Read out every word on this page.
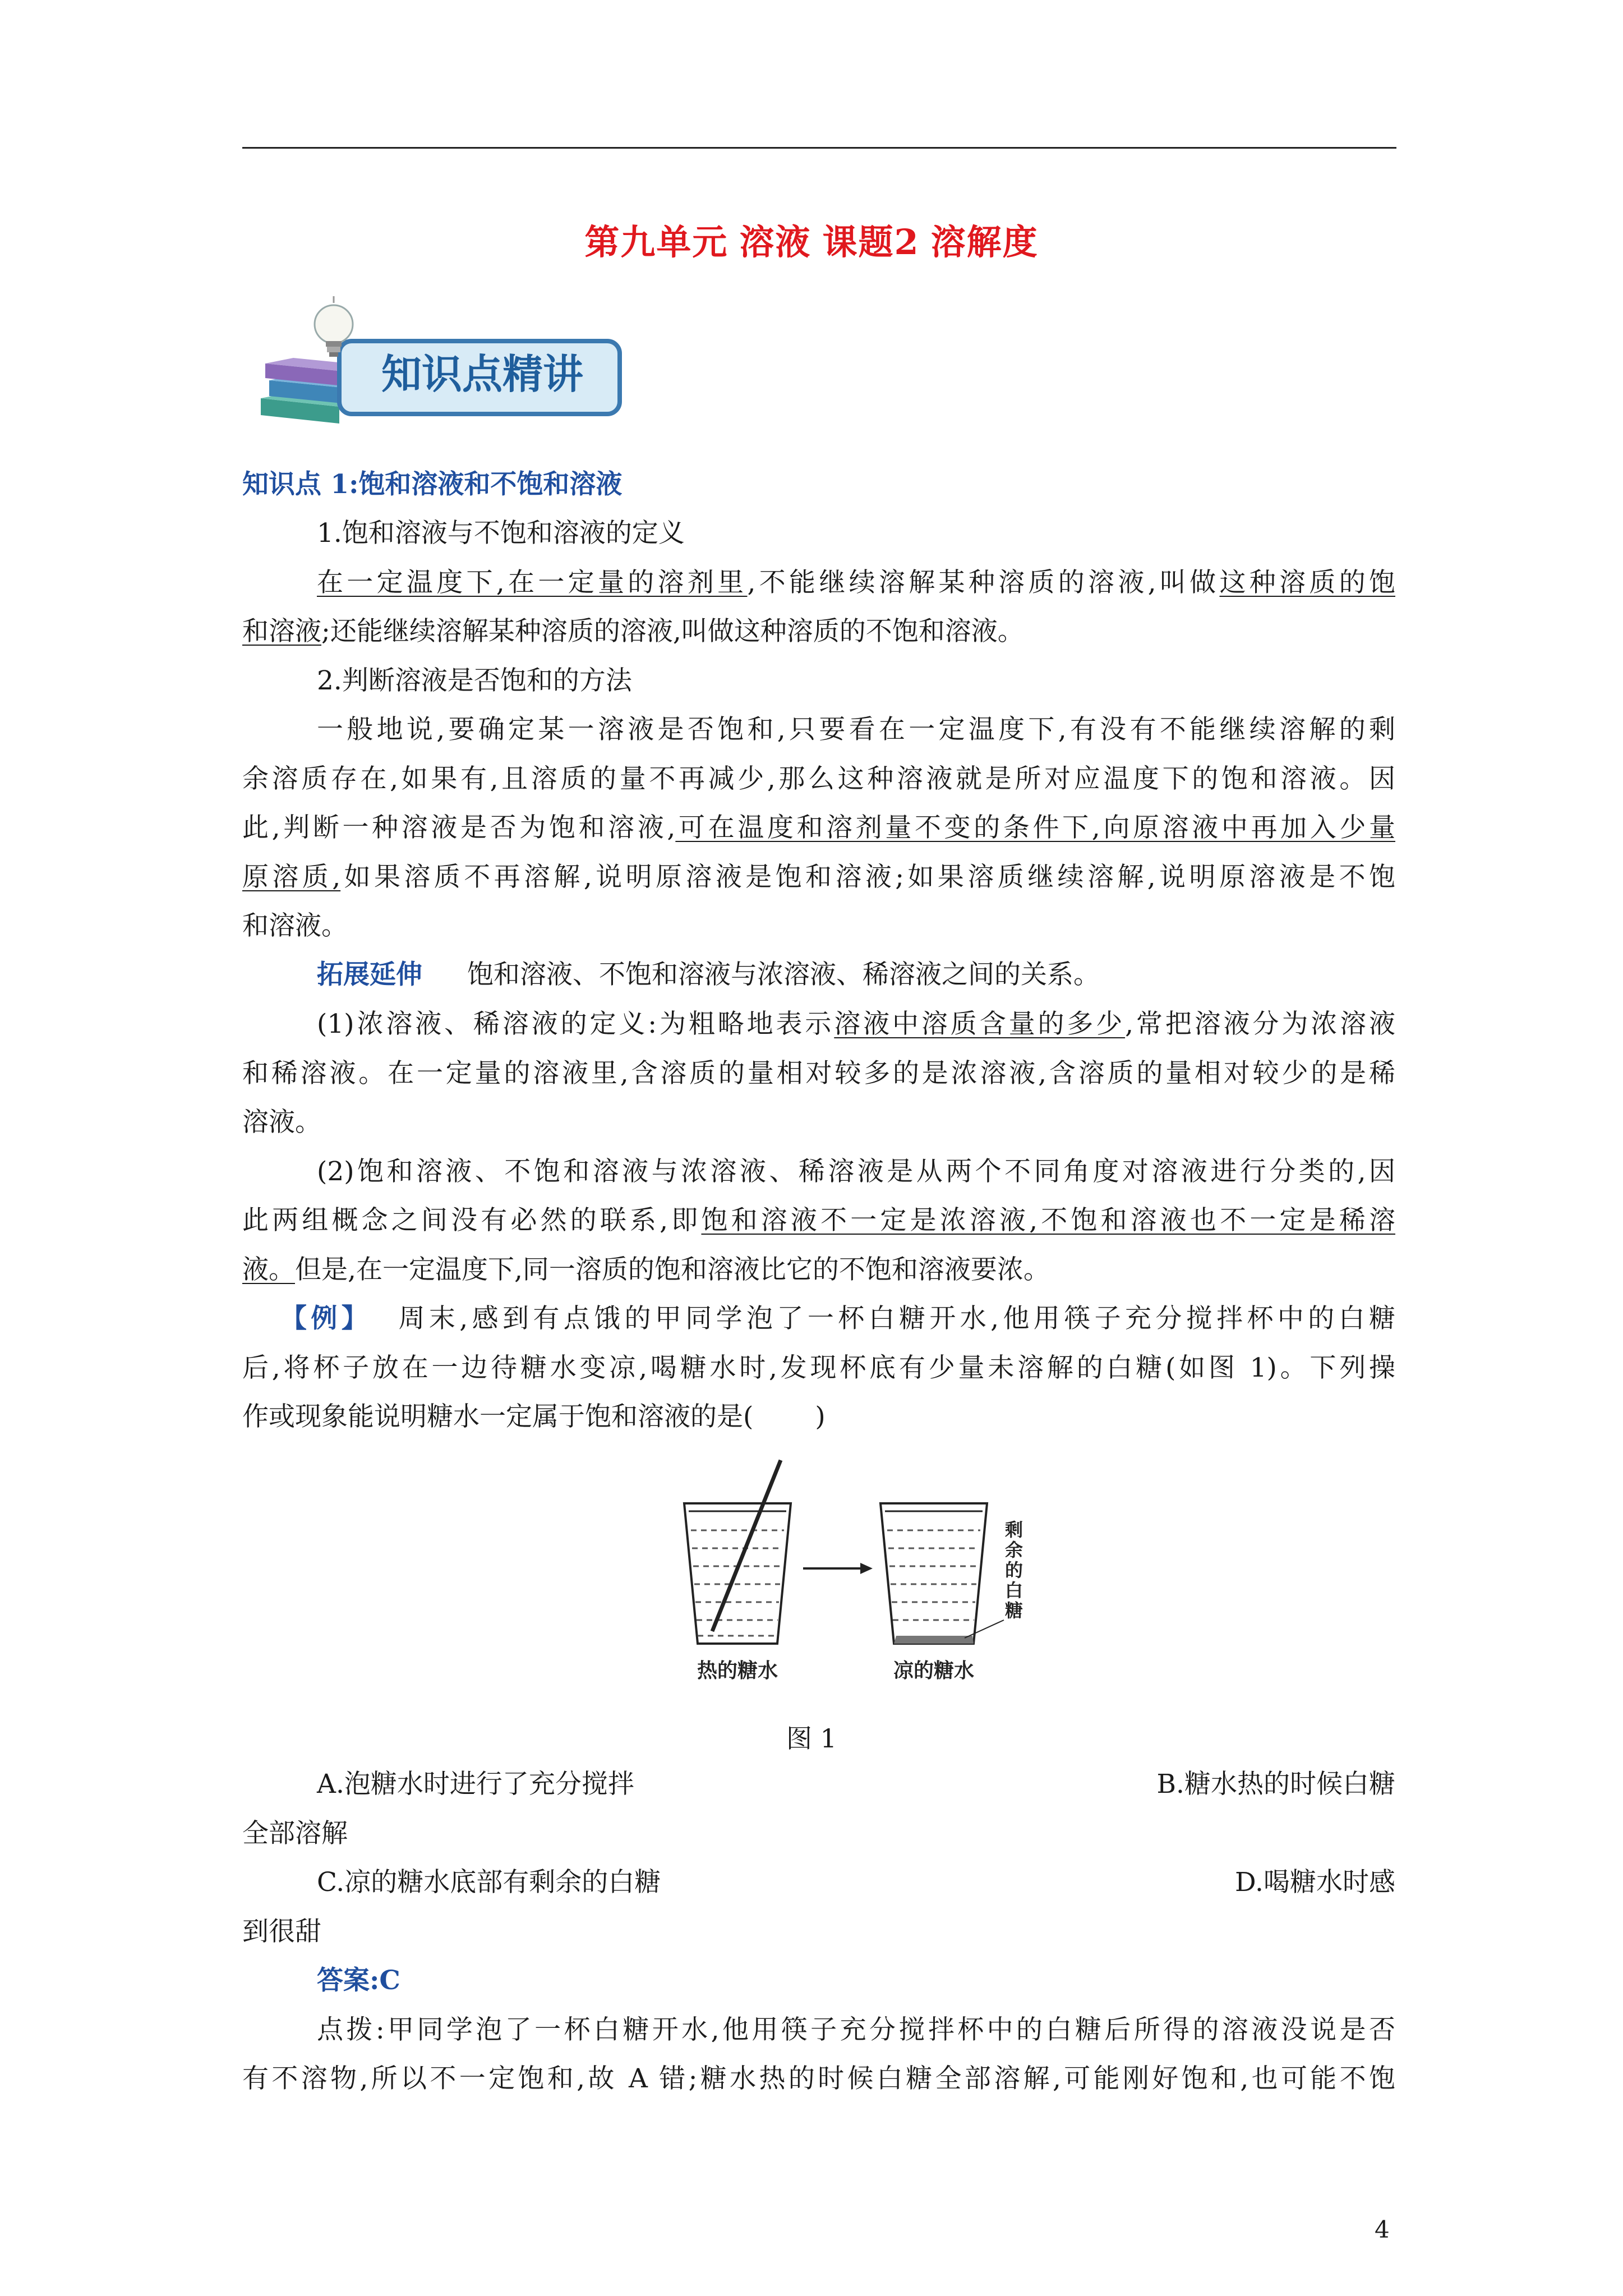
第九单元 溶液 课题2 溶解度
知识点精讲
知识点 1:饱和溶液和不饱和溶液
1.饱和溶液与不饱和溶液的定义
在一定温度下,在一定量的溶剂里,不能继续溶解某种溶质的溶液,叫做这种溶质的饱
和溶液;还能继续溶解某种溶质的溶液,叫做这种溶质的不饱和溶液。
2.判断溶液是否饱和的方法
一般地说,要确定某一溶液是否饱和,只要看在一定温度下,有没有不能继续溶解的剩
余溶质存在,如果有,且溶质的量不再减少,那么这种溶液就是所对应温度下的饱和溶液。因
此,判断一种溶液是否为饱和溶液,可在温度和溶剂量不变的条件下,向原溶液中再加入少量
原溶质,如果溶质不再溶解,说明原溶液是饱和溶液;如果溶质继续溶解,说明原溶液是不饱
和溶液。
拓展延伸 饱和溶液、不饱和溶液与浓溶液、稀溶液之间的关系。
(1)浓溶液、稀溶液的定义:为粗略地表示溶液中溶质含量的多少,常把溶液分为浓溶液
和稀溶液。在一定量的溶液里,含溶质的量相对较多的是浓溶液,含溶质的量相对较少的是稀
溶液。
(2)饱和溶液、不饱和溶液与浓溶液、稀溶液是从两个不同角度对溶液进行分类的,因
此两组概念之间没有必然的联系,即饱和溶液不一定是浓溶液,不饱和溶液也不一定是稀溶
液。但是,在一定温度下,同一溶质的饱和溶液比它的不饱和溶液要浓。
【例】 周末,感到有点饿的甲同学泡了一杯白糖开水,他用筷子充分搅拌杯中的白糖
后,将杯子放在一边待糖水变凉,喝糖水时,发现杯底有少量未溶解的白糖(如图 1)。下列操
作或现象能说明糖水一定属于饱和溶液的是( )
热的糖水	凉的糖水
剩
余
的
白
糖
图 1
A.泡糖水时进行了充分搅拌	B.糖水热的时候白糖
全部溶解
C.凉的糖水底部有剩余的白糖	D.喝糖水时感
到很甜
答案:C
点拨:甲同学泡了一杯白糖开水,他用筷子充分搅拌杯中的白糖后所得的溶液没说是否
有不溶物,所以不一定饱和,故 A 错;糖水热的时候白糖全部溶解,可能刚好饱和,也可能不饱
4
